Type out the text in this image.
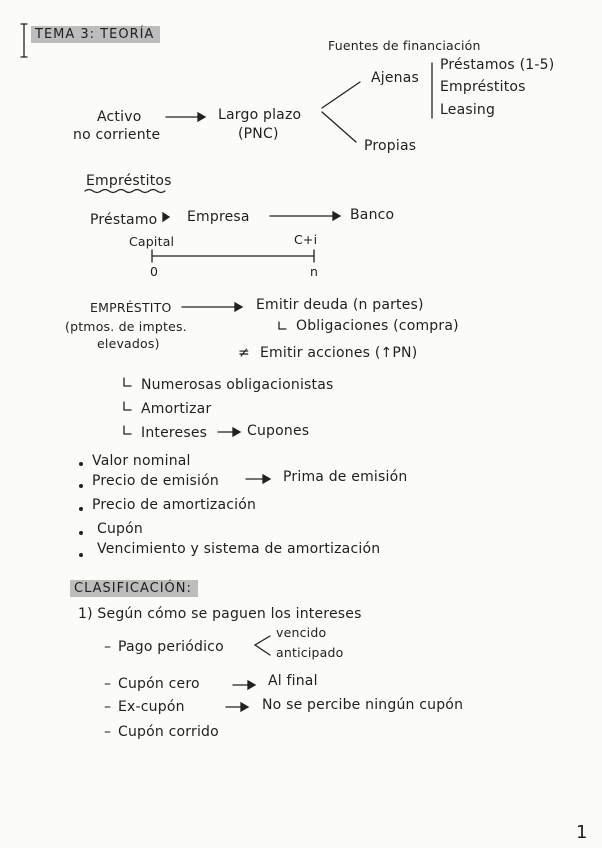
TEMA 3: TEORÍA
Fuentes de financiación
Ajenas
Préstamos (1-5)
Empréstitos
Leasing
Activo
no corriente
Largo plazo
(PNC)
Propias
Empréstitos
Préstamo Empresa	Banco
Capital	C+i
0	n
EMPRÉSTITO
(ptmos. de imptes.
elevados)
Emitir deuda (n partes)
Obligaciones (compra)
≠ Emitir acciones (↑PN)
Numerosas obligacionistas
Amortizar
Intereses	Cupones
Valor nominal
Precio de emisión	Prima de emisión
Precio de amortización
Cupón
Vencimiento y sistema de amortización
CLASIFICACIÓN:
1) Según cómo se paguen los intereses
Pago periódico
vencido
anticipado
Cupón cero	Al final
Ex-cupón	No se percibe ningún cupón
Cupón corrido
1
–
–
–
–
